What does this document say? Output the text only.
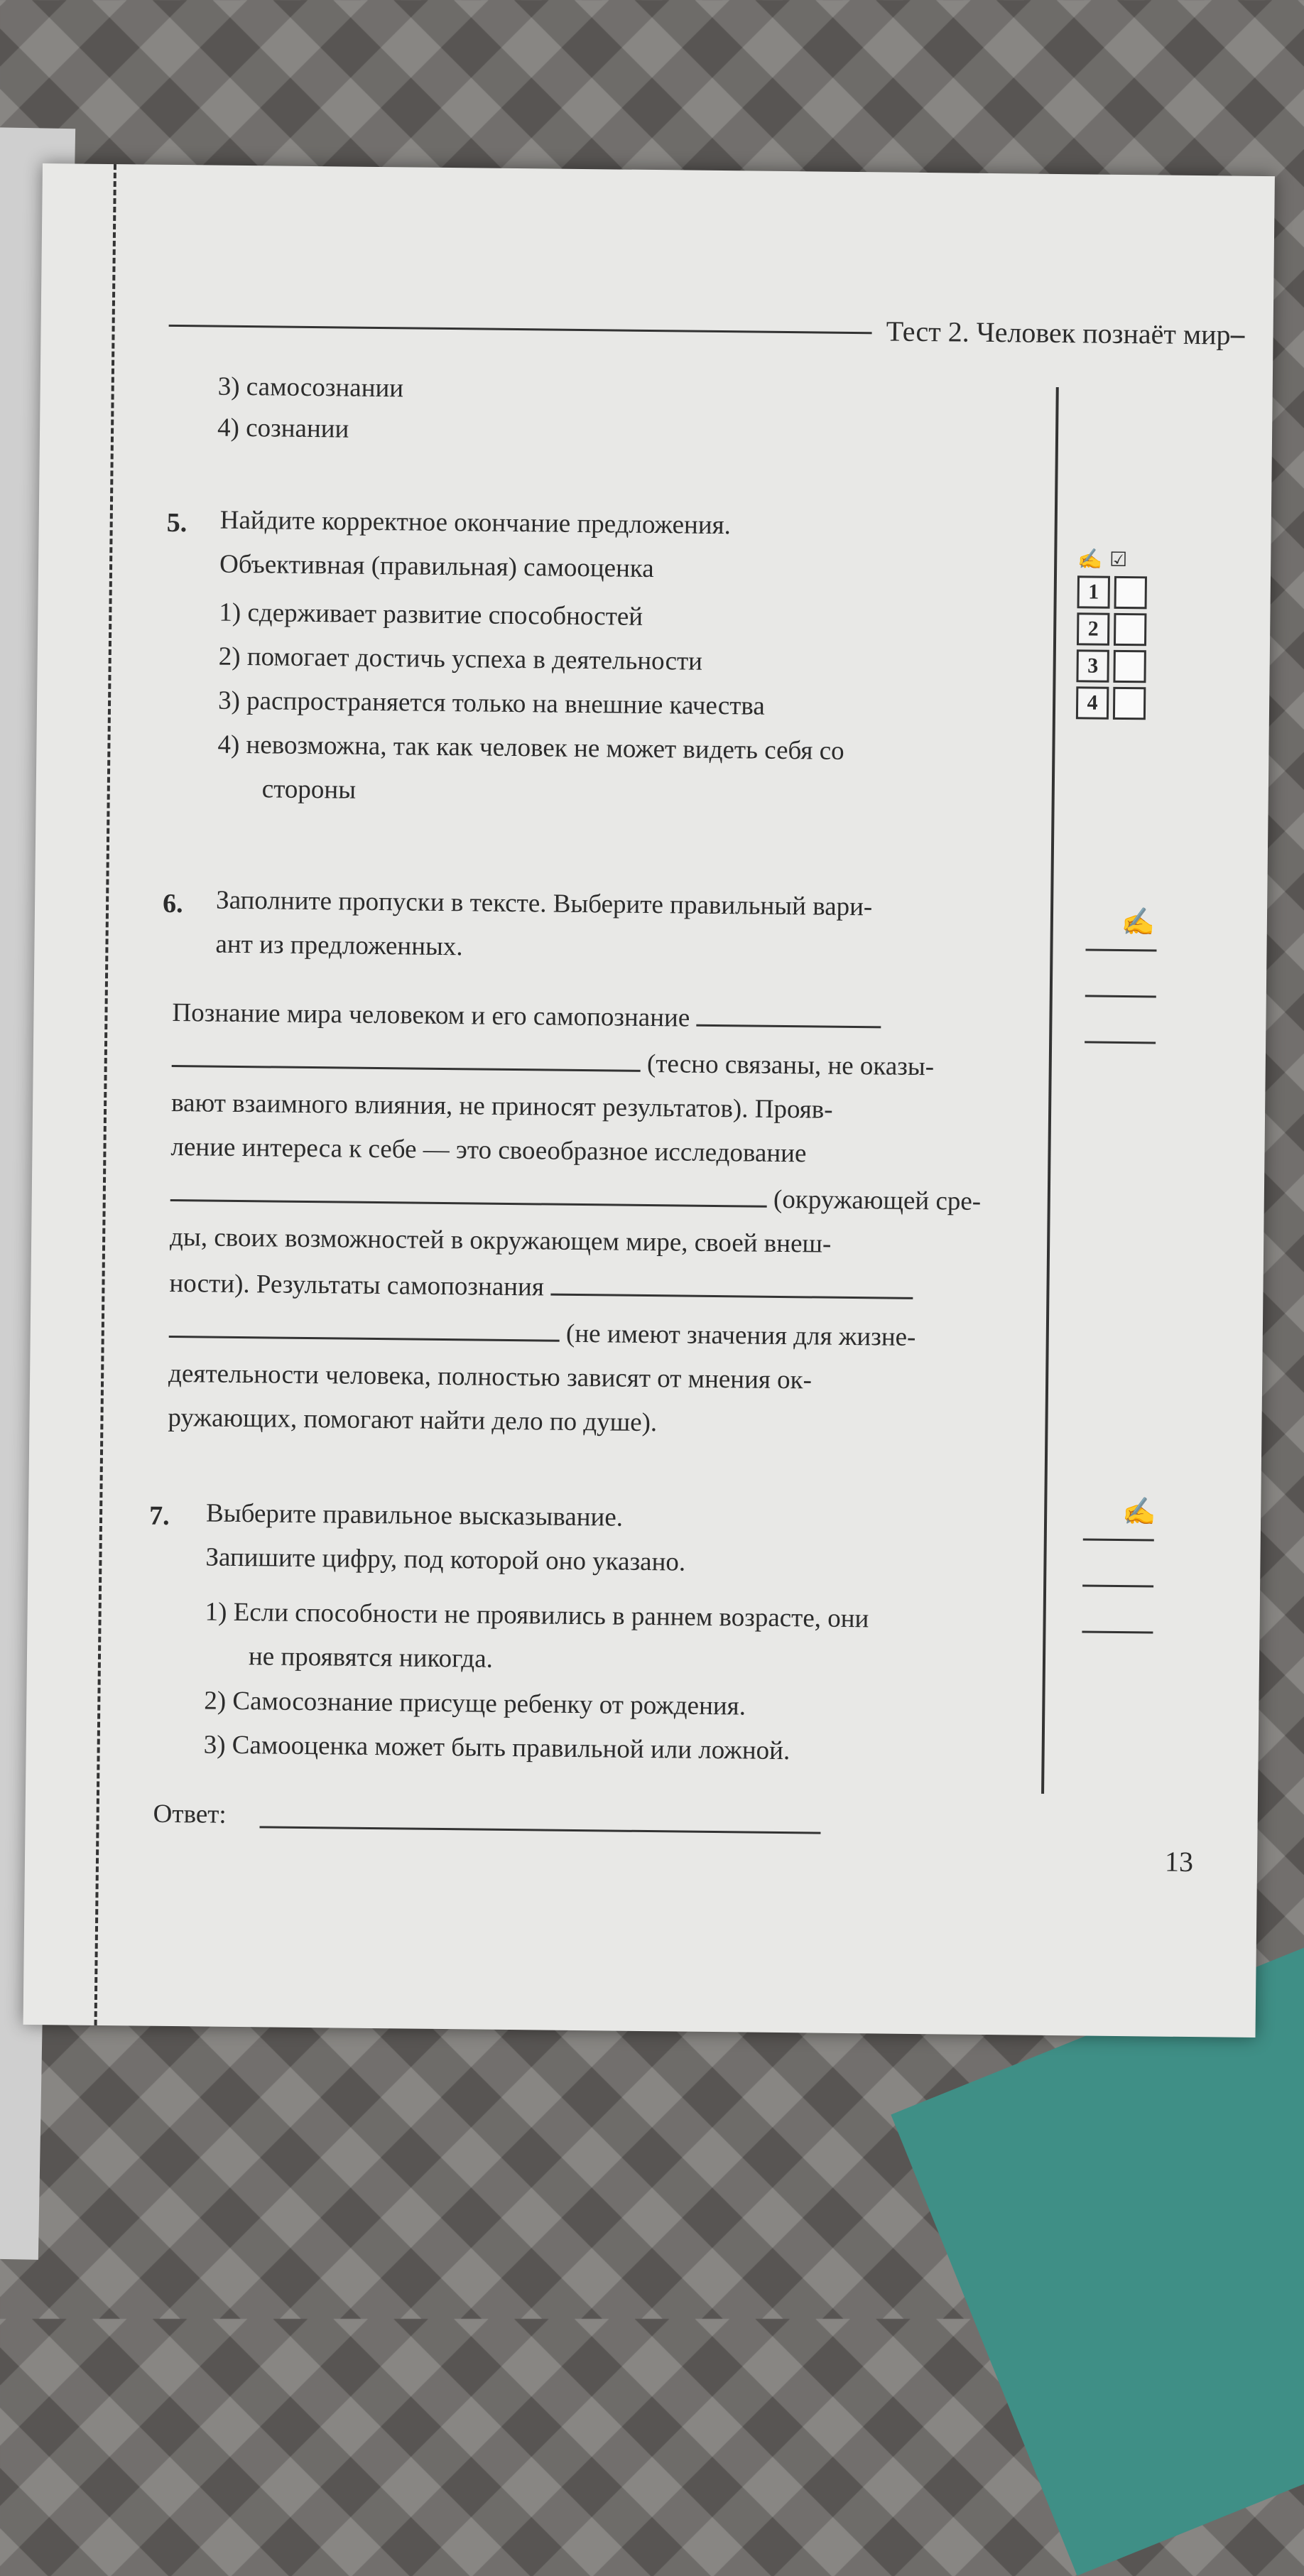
Тест 2. Человек познаёт мир
3) самосознании
4) сознании
5. Найдите корректное окончание предложения.
Объективная (правильная) самооценка
1) сдерживает развитие способностей
2) помогает достичь успеха в деятельности
3) распространяется только на внешние качества
4) невозможна, так как человек не может видеть себя со
стороны
✍ ☑
1
2
3
4
6. Заполните пропуски в тексте. Выберите правильный вари-
ант из предложенных.
✍
Познание мира человеком и его самопознание
(тесно связаны, не оказы-
вают взаимного влияния, не приносят результатов). Прояв-
ление интереса к себе — это своеобразное исследование
(окружающей сре-
ды, своих возможностей в окружающем мире, своей внеш-
ности). Результаты самопознания
(не имеют значения для жизне-
деятельности человека, полностью зависят от мнения ок-
ружающих, помогают найти дело по душе).
7. Выберите правильное высказывание.
Запишите цифру, под которой оно указано.
✍
1) Если способности не проявились в раннем возрасте, они
не проявятся никогда.
2) Самосознание присуще ребенку от рождения.
3) Самооценка может быть правильной или ложной.
Ответ:
13
